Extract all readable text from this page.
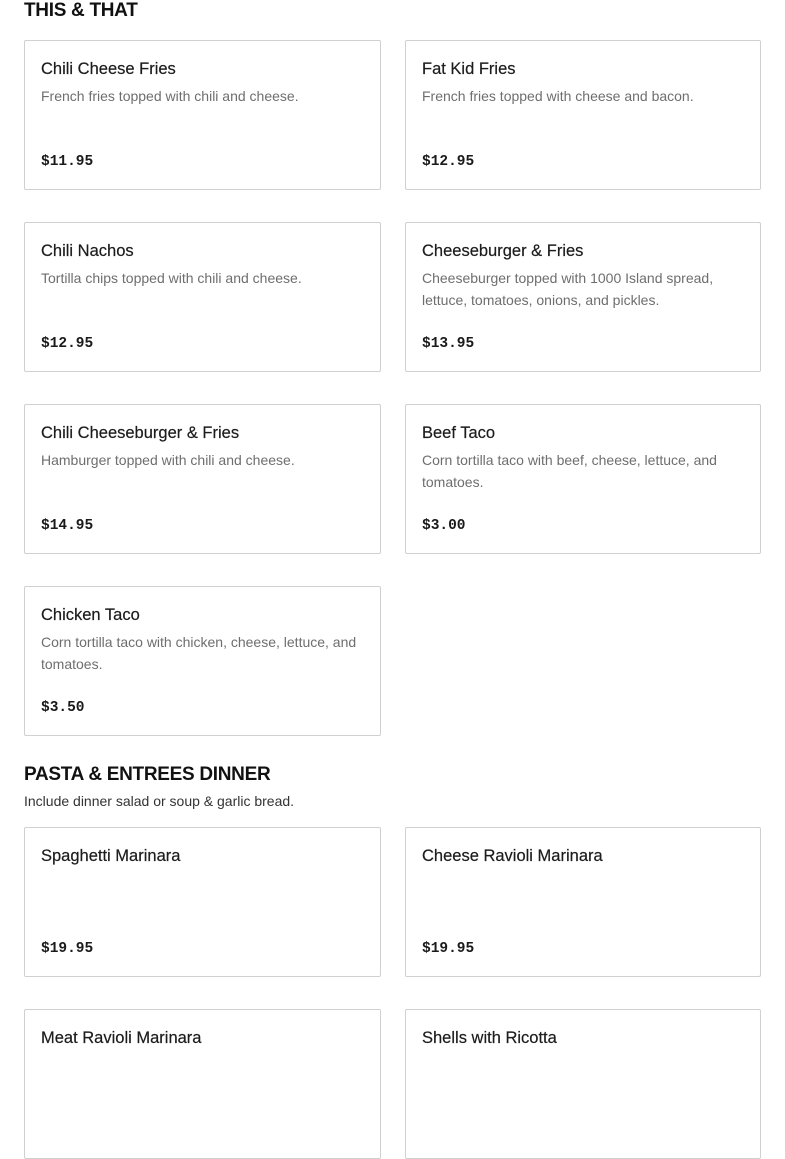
THIS & THAT

Chili Cheese Fries

French fries topped with chili and cheese.

$11.95

Fat Kid Fries

French fries topped with cheese and bacon.

$12.95

Chili Nachos

Tortilla chips topped with chili and cheese.

$12.95

Cheeseburger & Fries

Cheeseburger topped with 1000 Island spread, lettuce, tomatoes, onions, and pickles.

$13.95

Chili Cheeseburger & Fries

Hamburger topped with chili and cheese.

$14.95

Beef Taco

Corn tortilla taco with beef, cheese, lettuce, and tomatoes.

$3.00

Chicken Taco

Corn tortilla taco with chicken, cheese, lettuce, and tomatoes.

$3.50
PASTA & ENTREES DINNER

Include dinner salad or soup & garlic bread.

Spaghetti Marinara

$19.95

Cheese Ravioli Marinara

$19.95

Meat Ravioli Marinara	Shells with Ricotta
